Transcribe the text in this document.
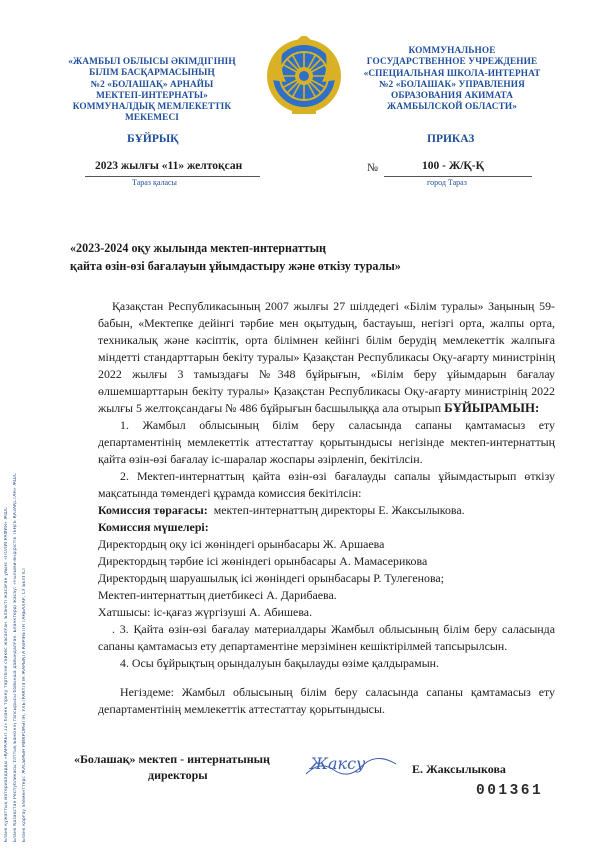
Бланк құжаттық материалдарды «ҚАРАЖЕЛ 12» бланк тіркеу тәртібіне сәйкес жасалған. Бланкті жасаған ұйым: «ПОЛИГРАФИЯ» ЖШС Бланк Қазақстан Республикасы Ұлттық Банкінің тапсырысы бойынша дайындалған. Бланктерді жасау: «Ғылыми-өндірістік ТЕҢГЕ ҚАЗАҚСТАН» ЖШС Бланк қорғау элементтері: ЖАСЫРЫН МИКРОМӘТІН, УЛЬТРАКҮЛГІН ЖАРЫҚТА КӨРІНЕТІН ТАҢБАЛАР, СУ БЕЛГІСІ
«ЖАМБЫЛ ОБЛЫСЫ ӘКІМДІГІНІҢ
БІЛІМ БАСҚАРМАСЫНЫҢ
№2 «БОЛАШАҚ» АРНАЙЫ
МЕКТЕП-ИНТЕРНАТЫ»
КОММУНАЛДЫҚ МЕМЛЕКЕТТІК
МЕКЕМЕСІ
КОММУНАЛЬНОЕ
ГОСУДАРСТВЕННОЕ УЧРЕЖДЕНИЕ
«СПЕЦИАЛЬНАЯ ШКОЛА-ИНТЕРНАТ
№2 «БОЛАШАК» УПРАВЛЕНИЯ
ОБРАЗОВАНИЯ АКИМАТА
ЖАМБЫЛСКОЙ ОБЛАСТИ»
БҰЙРЫҚ	ПРИКАЗ
2023 жылғы «11» желтоқсан
Тараз қаласы
№	100 - Ж/Қ-Қ
город Тараз
«2023-2024 оқу жылында мектеп-интернаттың
қайта өзін-өзі бағалауын ұйымдастыру және өткізу туралы»

Қазақстан Республикасының 2007 жылғы 27 шілдедегі «Білім туралы» Заңының 59-бабын, «Мектепке дейінгі тәрбие мен оқытудың, бастауыш, негізгі орта, жалпы орта, техникалық және кәсіптік, орта білімнен кейінгі білім берудің мемлекеттік жалпыға міндетті стандарттарын бекіту туралы» Қазақстан Республикасы Оқу-ағарту министрінің 2022 жылғы 3 тамыздағы №348 бұйрығын, «Білім беру ұйымдарын бағалау өлшемшарттарын бекіту туралы» Қазақстан Республикасы Оқу-ағарту министрінің 2022 жылғы 5 желтоқсандағы № 486 бұйрығын басшылыққа ала отырып БҰЙЫРАМЫН:

1. Жамбыл облысының білім беру саласында сапаны қамтамасыз ету департаментінің мемлекеттік аттестаттау қорытындысы негізінде мектеп-интернаттың қайта өзін-өзі бағалау іс-шаралар жоспары әзірленіп, бекітілсін.

2. Мектеп-интернаттың қайта өзін-өзі бағалауды сапалы ұйымдастырып өткізу мақсатында төмендегі құрамда комиссия бекітілсін:

Комиссия төрағасы: мектеп-интернаттың директоры Е. Жаксылыкова.

Комиссия мүшелері:

Директордың оқу ісі жөніндегі орынбасары Ж. Аршаева

Директордың тәрбие ісі жөніндегі орынбасары А. Мамасерикова

Директордың шаруашылық ісі жөніндегі орынбасары Р. Тулегенова;

Мектеп-интернаттың диетбикесі А. Дарибаева.

Хатшысы: іс-қағаз жүргізуші А. Абишева.

. 3. Қайта өзін-өзі бағалау материалдары Жамбыл облысының білім беру саласында сапаны қамтамасыз ету департаментіне мерзімінен кешіктірілмей тапсырылсын.

4. Осы бұйрықтың орындалуын бақылауды өзіме қалдырамын.

Негіздеме: Жамбыл облысының білім беру саласында сапаны қамтамасыз ету департаментінің мемлекеттік аттестаттау қорытындысы.

«Болашақ» мектеп - интернатының
директоры
Жаксу	Е. Жаксылыкова
001361
